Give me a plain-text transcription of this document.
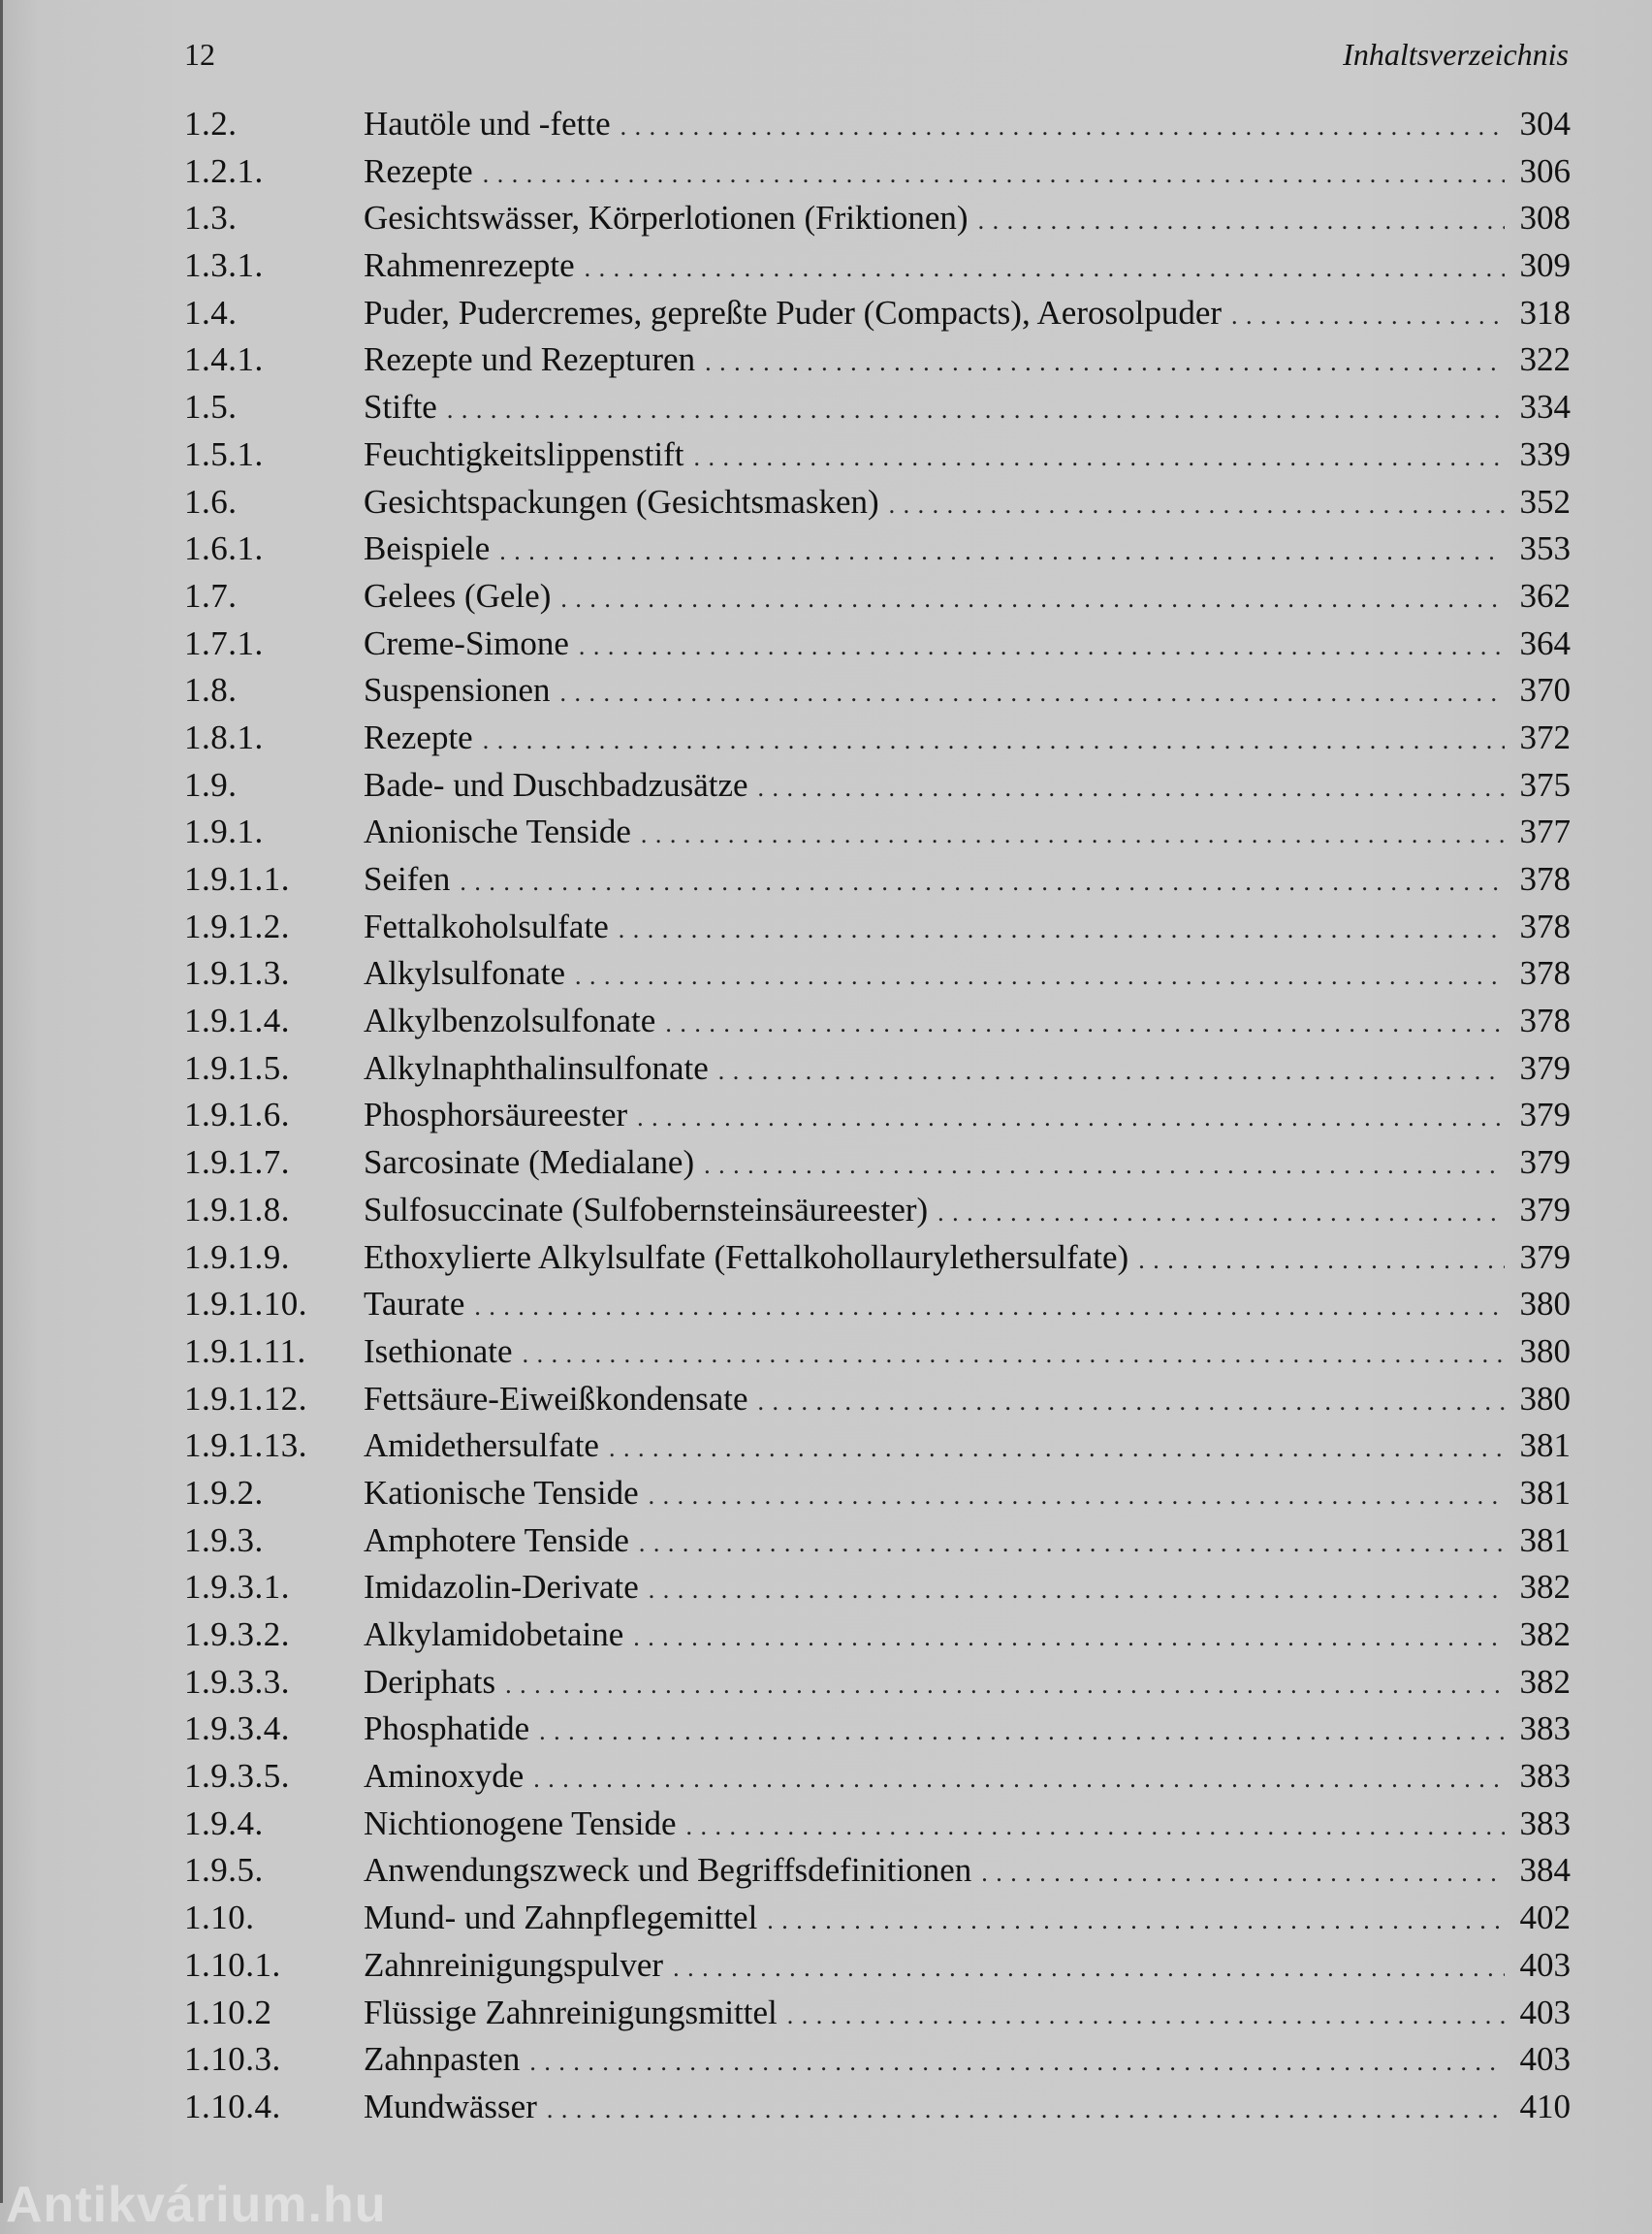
12	Inhaltsverzeichnis
1.2.	Hautöle und -fette . . .	304
1.2.1.	Rezepte . . .	306
1.3.	Gesichtswässer, Körperlotionen (Friktionen) . . .	308
1.3.1.	Rahmenrezepte . . .	309
1.4.	Puder, Pudercremes, gepreßte Puder (Compacts), Aerosolpuder . . .	318
1.4.1.	Rezepte und Rezepturen . . .	322
1.5.	Stifte . . .	334
1.5.1.	Feuchtigkeitslippenstift . . .	339
1.6.	Gesichtspackungen (Gesichtsmasken) . . .	352
1.6.1.	Beispiele . . .	353
1.7.	Gelees (Gele) . . .	362
1.7.1.	Creme-Simone . . .	364
1.8.	Suspensionen . . .	370
1.8.1.	Rezepte . . .	372
1.9.	Bade- und Duschbadzusätze . . .	375
1.9.1.	Anionische Tenside . . .	377
1.9.1.1.	Seifen . . .	378
1.9.1.2.	Fettalkoholsulfate . . .	378
1.9.1.3.	Alkylsulfonate . . .	378
1.9.1.4.	Alkylbenzolsulfonate . . .	378
1.9.1.5.	Alkylnaphthalinsulfonate . . .	379
1.9.1.6.	Phosphorsäureester . . .	379
1.9.1.7.	Sarcosinate (Medialane) . . .	379
1.9.1.8.	Sulfosuccinate (Sulfobernsteinsäureester) . . .	379
1.9.1.9.	Ethoxylierte Alkylsulfate (Fettalkohollaurylethersulfate) . . .	379
1.9.1.10.	Taurate . . .	380
1.9.1.11.	Isethionate . . .	380
1.9.1.12.	Fettsäure-Eiweißkondensate . . .	380
1.9.1.13.	Amidethersulfate . . .	381
1.9.2.	Kationische Tenside . . .	381
1.9.3.	Amphotere Tenside . . .	381
1.9.3.1.	Imidazolin-Derivate . . .	382
1.9.3.2.	Alkylamidobetaine . . .	382
1.9.3.3.	Deriphats . . .	382
1.9.3.4.	Phosphatide . . .	383
1.9.3.5.	Aminoxyde . . .	383
1.9.4.	Nichtionogene Tenside . . .	383
1.9.5.	Anwendungszweck und Begriffsdefinitionen . . .	384
1.10.	Mund- und Zahnpflegemittel . . .	402
1.10.1.	Zahnreinigungspulver . . .	403
1.10.2	Flüssige Zahnreinigungsmittel . . .	403
1.10.3.	Zahnpasten . . .	403
1.10.4.	Mundwässer . . .	410
Antikvárium.hu
